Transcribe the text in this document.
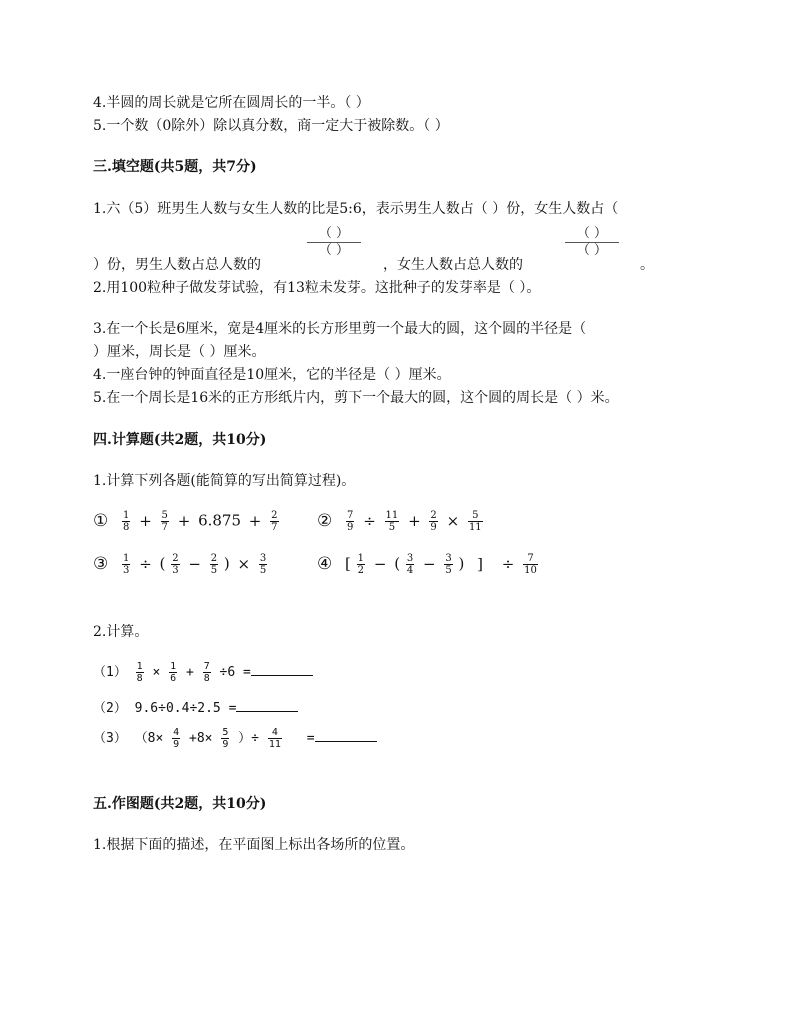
4.半圆的周长就是它所在圆周长的一半。（ ）
5.一个数（0除外）除以真分数，商一定大于被除数。（ ）
三.填空题(共5题，共7分)
1.六（5）班男生人数与女生人数的比是5:6，表示男生人数占（ ）份，女生人数占（
（ ）
（ ）
（ ）
（ ）
）份，男生人数占总人数的	，女生人数占总人数的	。
2.用100粒种子做发芽试验，有13粒未发芽。这批种子的发芽率是（ ）。
3.在一个长是6厘米，宽是4厘米的长方形里剪一个最大的圆，这个圆的半径是（
）厘米，周长是（ ）厘米。
4.一座台钟的钟面直径是10厘米，它的半径是（ ）厘米。
5.在一个周长是16米的正方形纸片内，剪下一个最大的圆，这个圆的周长是（ ）米。
四.计算题(共2题，共10分)
1.计算下列各题(能简算的写出简算过程)。
① $\frac{1}{8} + \frac{5}{7} + 6.875 + \frac{2}{7}$ ② $\frac{7}{9} \div \frac{11}{5} + \frac{2}{9} \times \frac{5}{11}$
③ $\frac{1}{3}$ ÷ ( $\frac{2}{3} - \frac{2}{5}$ ) × $\frac{3}{5}$	④ [ $\frac{1}{2}$ − ( $\frac{3}{4} - \frac{3}{5}$ ) ] ÷ $\frac{7}{10}$
2.计算。
$(1) \frac{1}{8} \times \frac{1}{6} + \frac{7}{8} \div 6$ =
（2） 9.6÷0.4÷2.5 =
（3） （$8\times \frac{4}{9} +8\times \frac{5}{9}$ ）÷ $\frac{4}{11}$ =
五.作图题(共2题，共10分)
1.根据下面的描述，在平面图上标出各场所的位置。
